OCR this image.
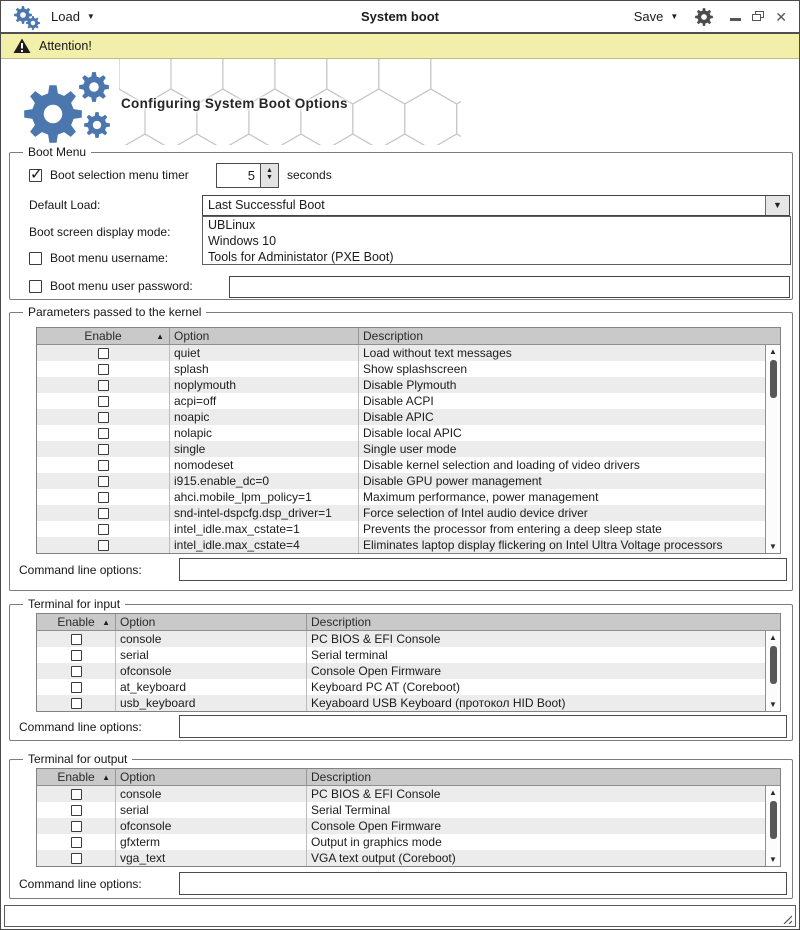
Load ▼	System boot	Save ▼	✕
Attention!
Configuring System Boot Options
Boot Menu
✓
Boot selection menu timer	5	▲
▼ seconds
Default Load:	Last Successful Boot	▼
UBLinux
Windows 10
Tools for Administator (PXE Boot)
Boot screen display mode:
Boot menu username:
Boot menu user password:
Parameters passed to the kernel
Enable	▲ Option	Description
quiet	Load without text messages
splash	Show splashscreen
noplymouth	Disable Plymouth
acpi=off	Disable ACPI
noapic	Disable APIC
nolapic	Disable local APIC
single	Single user mode
nomodeset	Disable kernel selection and loading of video drivers
i915.enable_dc=0	Disable GPU power management
ahci.mobile_lpm_policy=1	Maximum performance, power management
snd-intel-dspcfg.dsp_driver=1	Force selection of Intel audio device driver
intel_idle.max_cstate=1	Prevents the processor from entering a deep sleep state
intel_idle.max_cstate=4	Eliminates laptop display flickering on Intel Ultra Voltage processors
▲
▼
Command line options:
Terminal for input
Enable ▲ Option	Description
console	PC BIOS & EFI Console
serial	Serial terminal
ofconsole	Console Open Firmware
at_keyboard	Keyboard PC AT (Coreboot)
usb_keyboard	Keyaboard USB Keyboard (протокол HID Boot)
▲
▼
Command line options:
Terminal for output
Enable ▲ Option	Description
console	PC BIOS & EFI Console
serial	Serial Terminal
ofconsole	Console Open Firmware
gfxterm	Output in graphics mode
vga_text	VGA text output (Coreboot)
▲
▼
Command line options:
